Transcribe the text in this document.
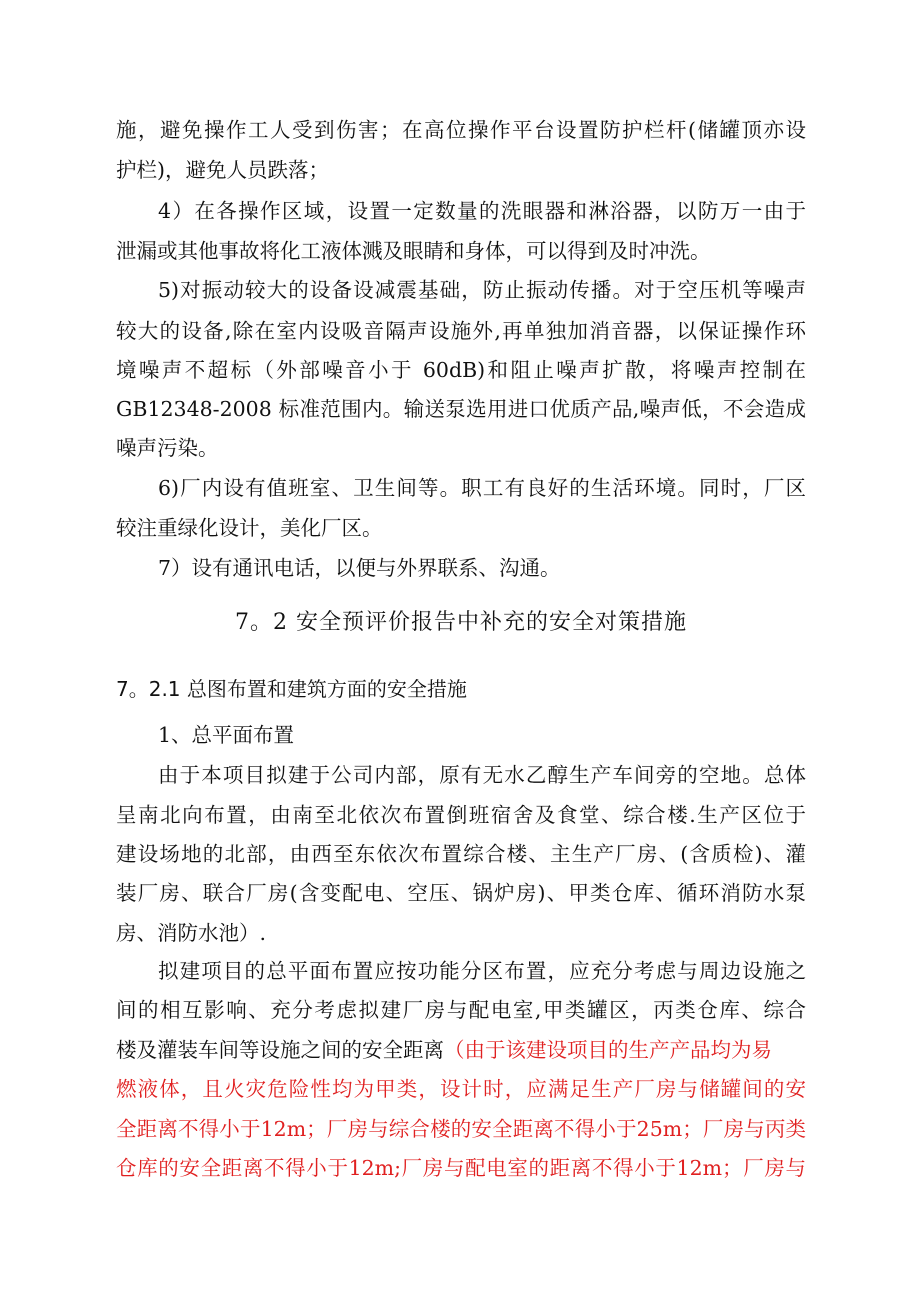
施，避免操作工人受到伤害；在高位操作平台设置防护栏杆(储罐顶亦设
护栏)，避免人员跌落；
4）在各操作区域，设置一定数量的洗眼器和淋浴器，以防万一由于
泄漏或其他事故将化工液体溅及眼睛和身体，可以得到及时冲洗。
5)对振动较大的设备设减震基础，防止振动传播。对于空压机等噪声
较大的设备,除在室内设吸音隔声设施外,再单独加消音器，以保证操作环
境噪声不超标（外部噪音小于 60dB)和阻止噪声扩散，将噪声控制在
GB12348-2008 标准范围内。输送泵选用进口优质产品,噪声低，不会造成
噪声污染。
6)厂内设有值班室、卫生间等。职工有良好的生活环境。同时，厂区
较注重绿化设计，美化厂区。
7）设有通讯电话，以便与外界联系、沟通。
7。2 安全预评价报告中补充的安全对策措施
7。2.1 总图布置和建筑方面的安全措施
1、总平面布置
由于本项目拟建于公司内部，原有无水乙醇生产车间旁的空地。总体
呈南北向布置，由南至北依次布置倒班宿舍及食堂、综合楼.生产区位于
建设场地的北部，由西至东依次布置综合楼、主生产厂房、(含质检)、灌
装厂房、联合厂房(含变配电、空压、锅炉房)、甲类仓库、循环消防水泵
房、消防水池）.
拟建项目的总平面布置应按功能分区布置，应充分考虑与周边设施之
间的相互影响、充分考虑拟建厂房与配电室,甲类罐区，丙类仓库、综合
楼及灌装车间等设施之间的安全距离（由于该建设项目的生产产品均为易
燃液体，且火灾危险性均为甲类，设计时，应满足生产厂房与储罐间的安
全距离不得小于12m；厂房与综合楼的安全距离不得小于25m；厂房与丙类
仓库的安全距离不得小于12m;厂房与配电室的距离不得小于12m；厂房与
